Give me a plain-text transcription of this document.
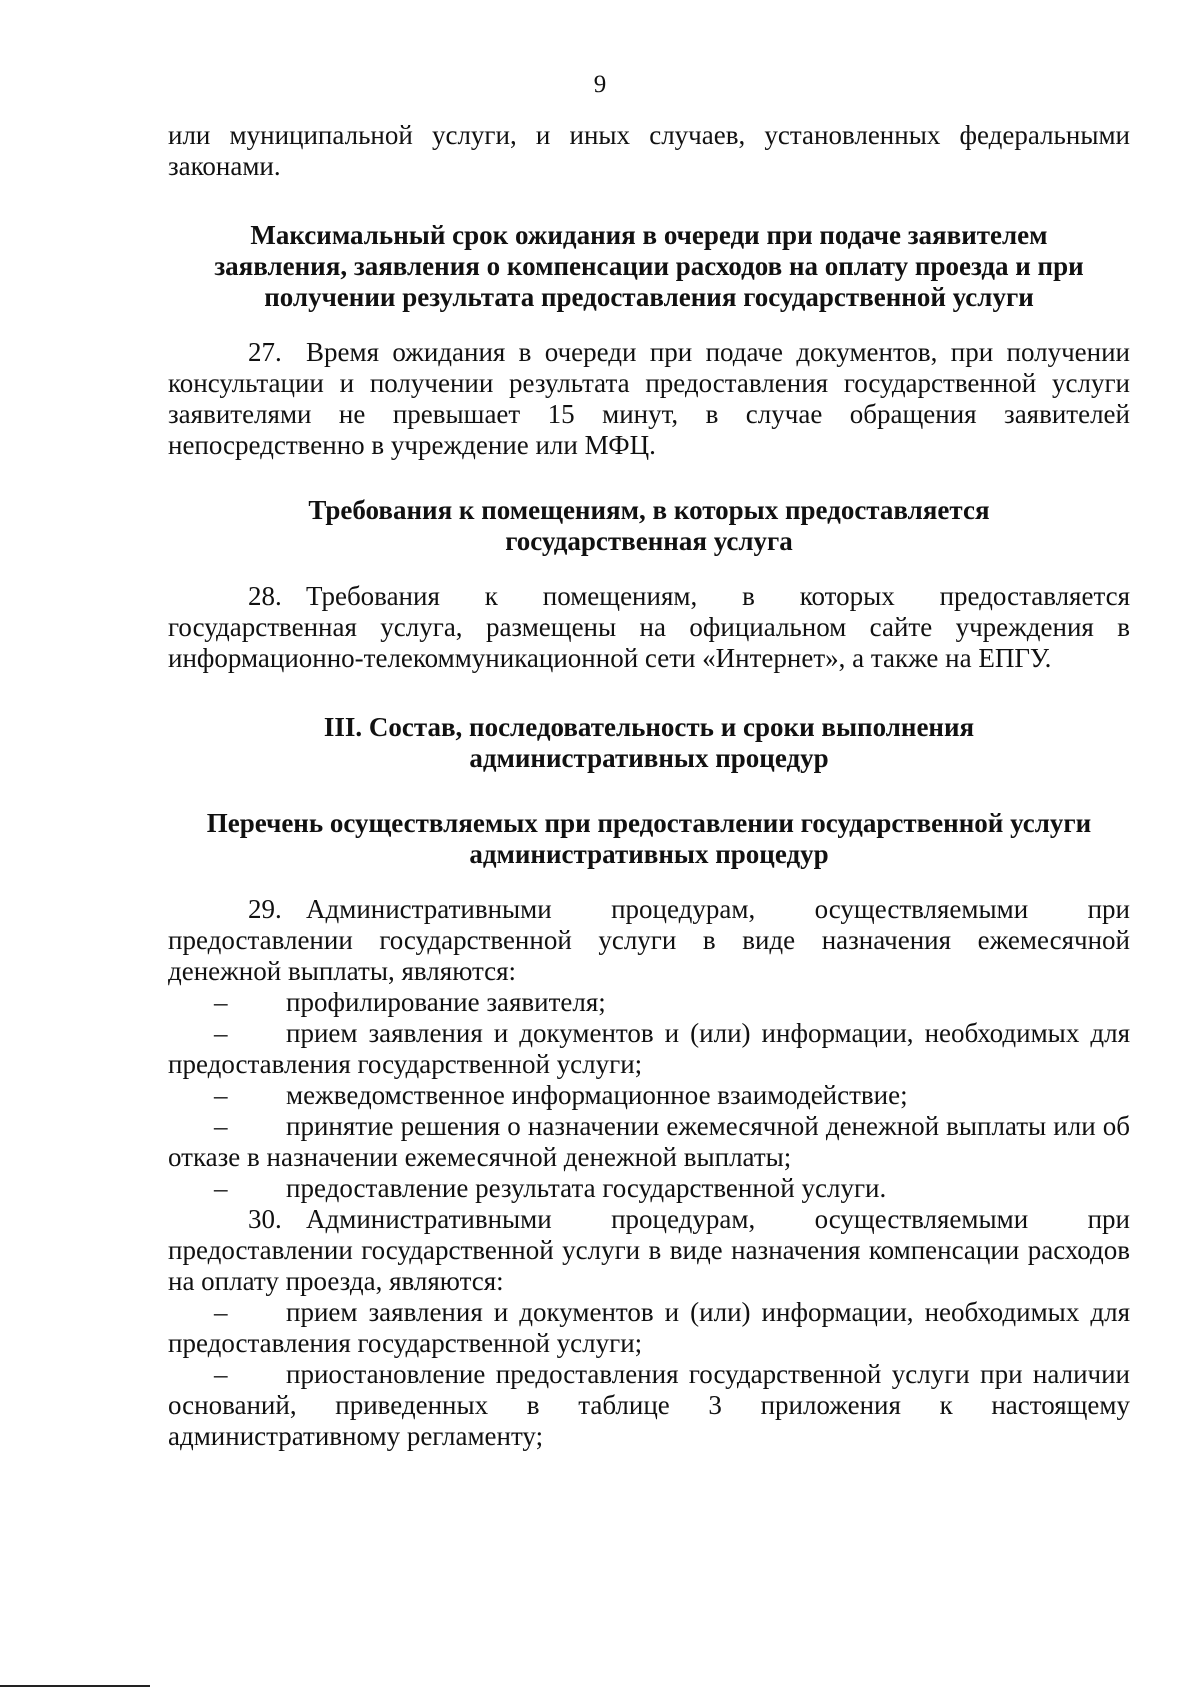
9

или муниципальной услуги, и иных случаев, установленных федеральными законами.

Максимальный срок ожидания в очереди при подаче заявителем

заявления, заявления о компенсации расходов на оплату проезда и при

получении результата предоставления государственной услуги

27. Время ожидания в очереди при подаче документов, при получении консультации и получении результата предоставления государственной услуги заявителями не превышает 15 минут, в случае обращения заявителей непосредственно в учреждение или МФЦ.

Требования к помещениям, в которых предоставляется

государственная услуга

28. Требования к помещениям, в которых предоставляется государственная услуга, размещены на официальном сайте учреждения в информационно-телекоммуникационной сети «Интернет», а также на ЕПГУ.

III. Состав, последовательность и сроки выполнения

административных процедур

Перечень осуществляемых при предоставлении государственной услуги

административных процедур

29. Административными процедурам, осуществляемыми при предоставлении государственной услуги в виде назначения ежемесячной денежной выплаты, являются:

– профилирование заявителя;

– прием заявления и документов и (или) информации, необходимых для предоставления государственной услуги;

– межведомственное информационное взаимодействие;

– принятие решения о назначении ежемесячной денежной выплаты или об отказе в назначении ежемесячной денежной выплаты;

– предоставление результата государственной услуги.

30. Административными процедурам, осуществляемыми при предоставлении государственной услуги в виде назначения компенсации расходов на оплату проезда, являются:

– прием заявления и документов и (или) информации, необходимых для предоставления государственной услуги;

– приостановление предоставления государственной услуги при наличии оснований, приведенных в таблице 3 приложения к настоящему административному регламенту;
